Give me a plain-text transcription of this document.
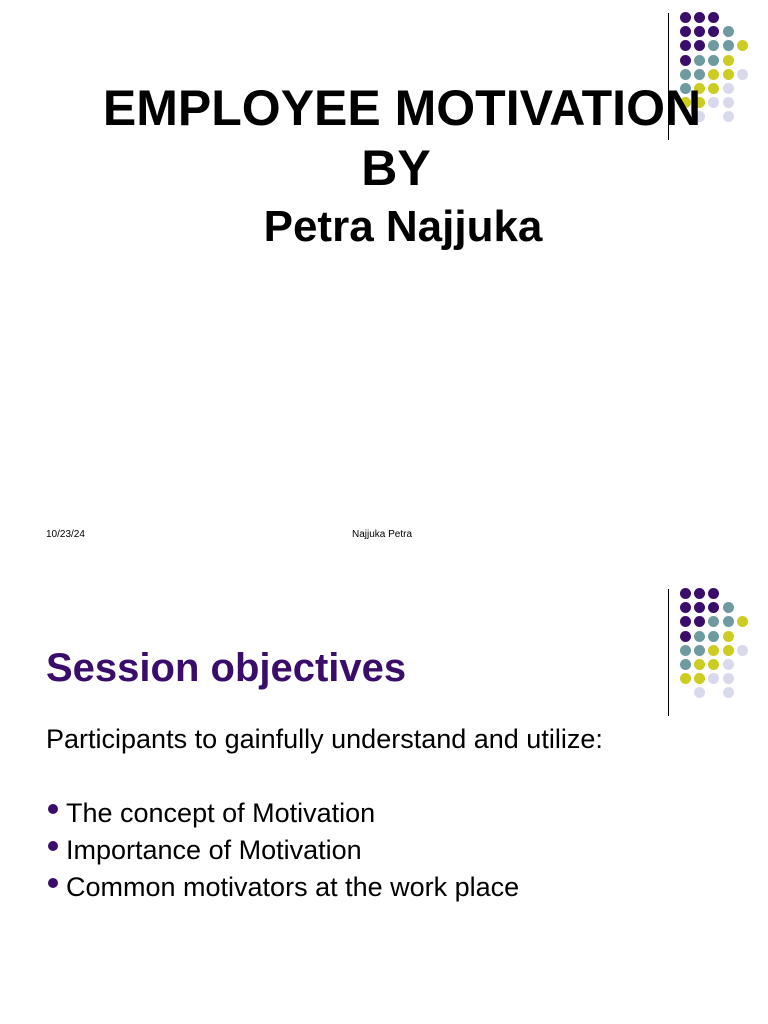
EMPLOYEE MOTIVATION
BY
Petra Najjuka
10/23/24	Najjuka Petra
Session objectives
Participants to gainfully understand and utilize:
The concept of Motivation
Importance of Motivation
Common motivators at the work place
